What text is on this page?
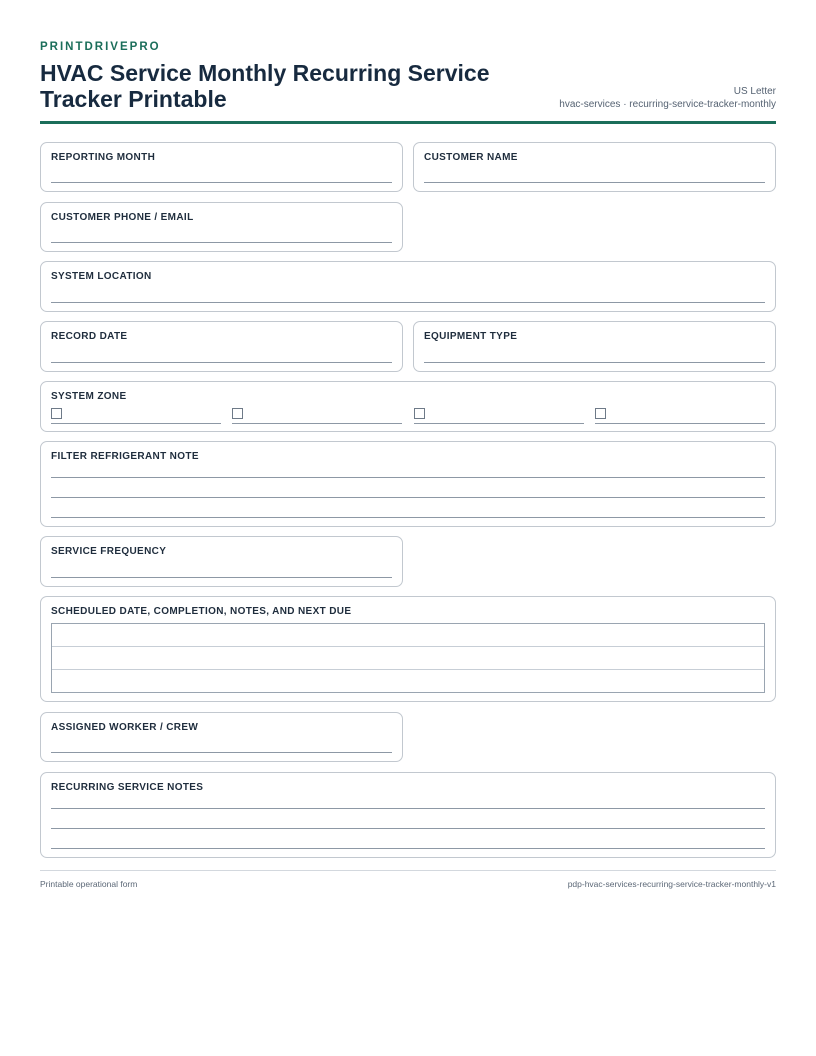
PRINTDRIVEPRO
HVAC Service Monthly Recurring Service Tracker Printable	US Letter
hvac-services · recurring-service-tracker-monthly
REPORTING MONTH	CUSTOMER NAME
CUSTOMER PHONE / EMAIL
SYSTEM LOCATION
RECORD DATE	EQUIPMENT TYPE
SYSTEM ZONE
FILTER REFRIGERANT NOTE
SERVICE FREQUENCY
SCHEDULED DATE, COMPLETION, NOTES, AND NEXT DUE
ASSIGNED WORKER / CREW
RECURRING SERVICE NOTES
Printable operational form	pdp-hvac-services-recurring-service-tracker-monthly-v1
